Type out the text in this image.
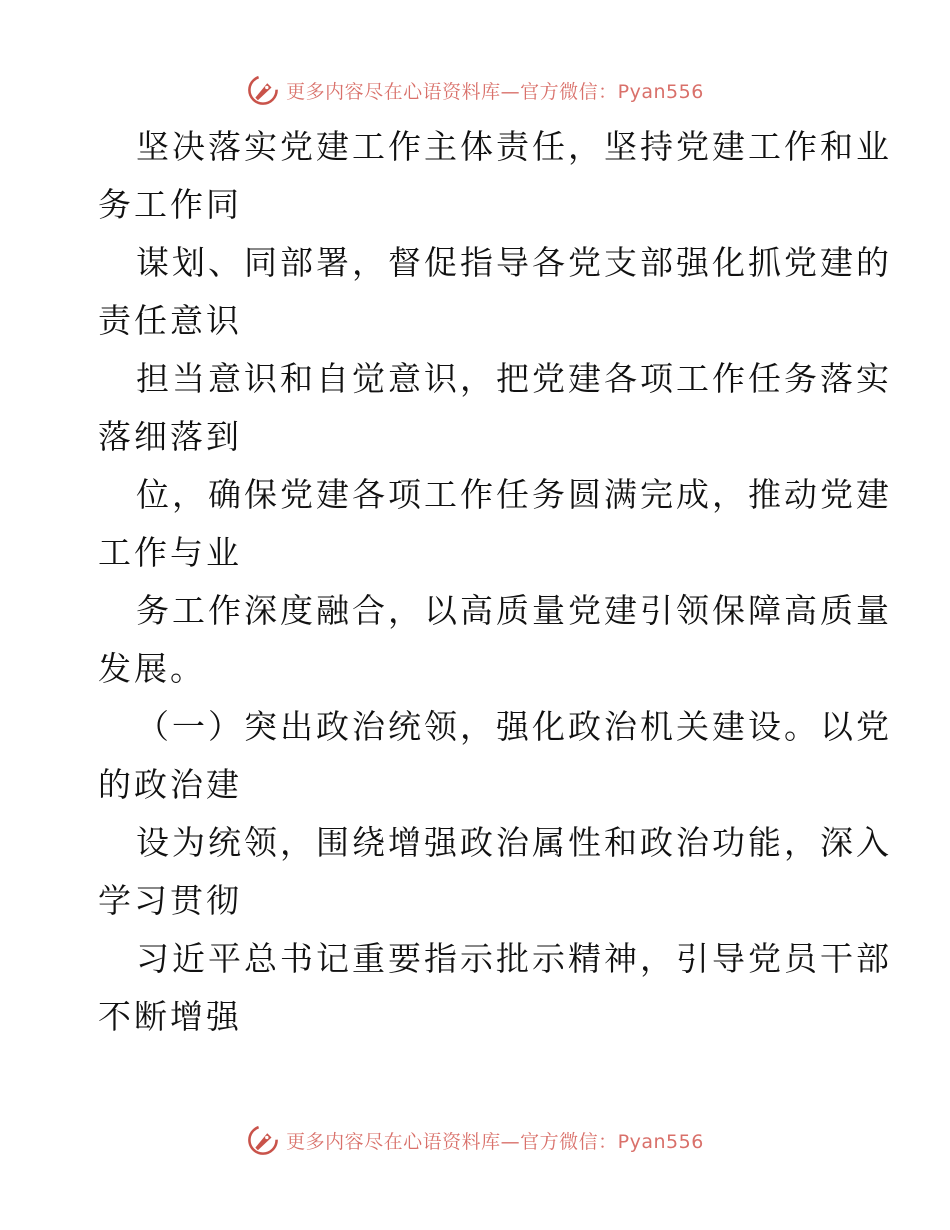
更多内容尽在心语资料库—官方微信：Pyan556
坚决落实党建工作主体责任，坚持党建工作和业
务工作同
谋划、同部署，督促指导各党支部强化抓党建的
责任意识
担当意识和自觉意识，把党建各项工作任务落实
落细落到
位，确保党建各项工作任务圆满完成，推动党建
工作与业
务工作深度融合，以高质量党建引领保障高质量
发展。
（一）突出政治统领，强化政治机关建设。以党
的政治建
设为统领，围绕增强政治属性和政治功能，深入
学习贯彻
习近平总书记重要指示批示精神，引导党员干部
不断增强
更多内容尽在心语资料库—官方微信：Pyan556
